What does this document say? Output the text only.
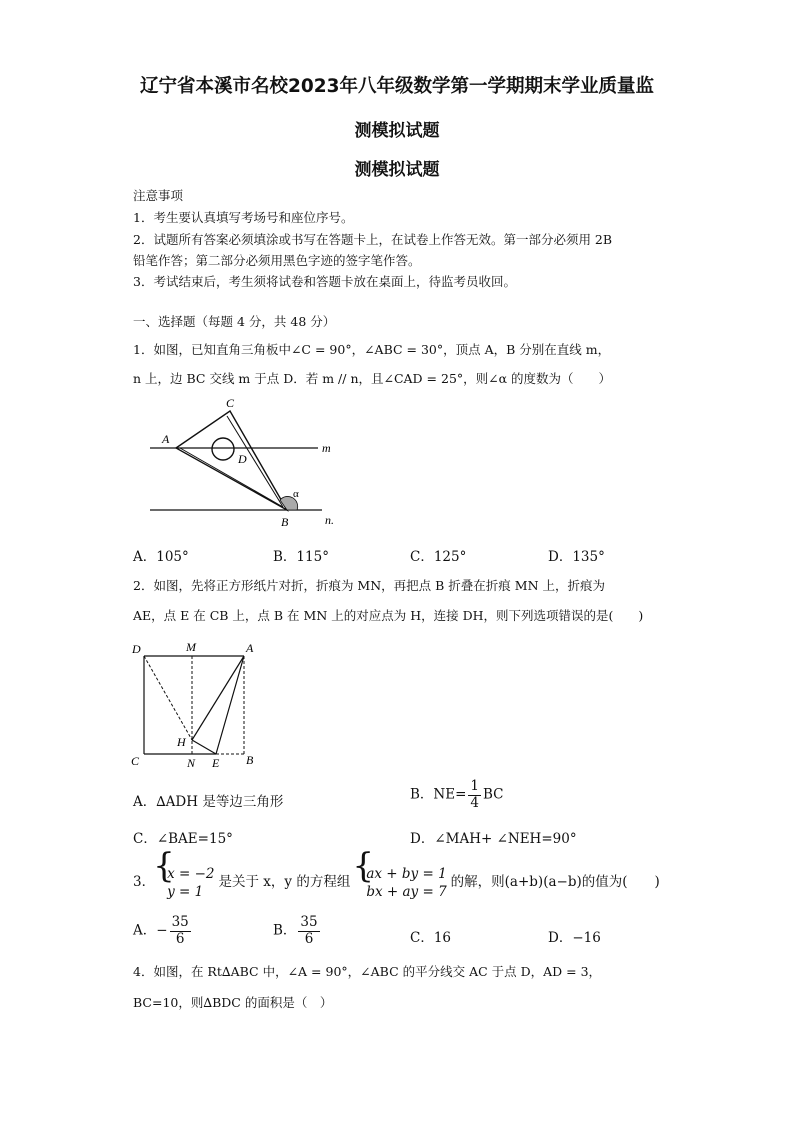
辽宁省本溪市名校2023年八年级数学第一学期期末学业质量监
测模拟试题
测模拟试题
注意事项
1．考生要认真填写考场号和座位序号。
2．试题所有答案必须填涂或书写在答题卡上，在试卷上作答无效。第一部分必须用 2B
铅笔作答；第二部分必须用黑色字迹的签字笔作答。
3．考试结束后，考生须将试卷和答题卡放在桌面上，待监考员收回。
一、选择题（每题 4 分，共 48 分）
1．如图，已知直角三角板中∠C = 90°，∠ABC = 30°，顶点 A，B 分别在直线 m，
n 上，边 BC 交线 m 于点 D．若 m // n，且∠CAD = 25°，则∠α 的度数为（　　）
C
A
D
m
α
B	n.
A．105°	B．115°	C．125°	D．135°
2．如图，先将正方形纸片对折，折痕为 MN，再把点 B 折叠在折痕 MN 上，折痕为
AE，点 E 在 CB 上，点 B 在 MN 上的对应点为 H，连接 DH，则下列选项错误的是(　　)
D	M	A
H
C	N E B
A．∆ADH 是等边三角形	B．$NE= \frac{1}{4}$ BC
C．∠BAE=15°	D．∠MAH+ ∠NEH=90°
3．
{ x = −2
y = 1
是关于 x，y 的方程组
{ ax + by = 1
bx + ay = 7
的解，则(a+b)(a−b)的值为(　　)
A．− $\frac{35}{6}$	B． $\frac{35}{6}$	C．16	D．−16
4．如图，在 Rt∆ABC 中，∠A = 90°，∠ABC 的平分线交 AC 于点 D，AD = 3，
BC=10，则∆BDC 的面积是（　）
